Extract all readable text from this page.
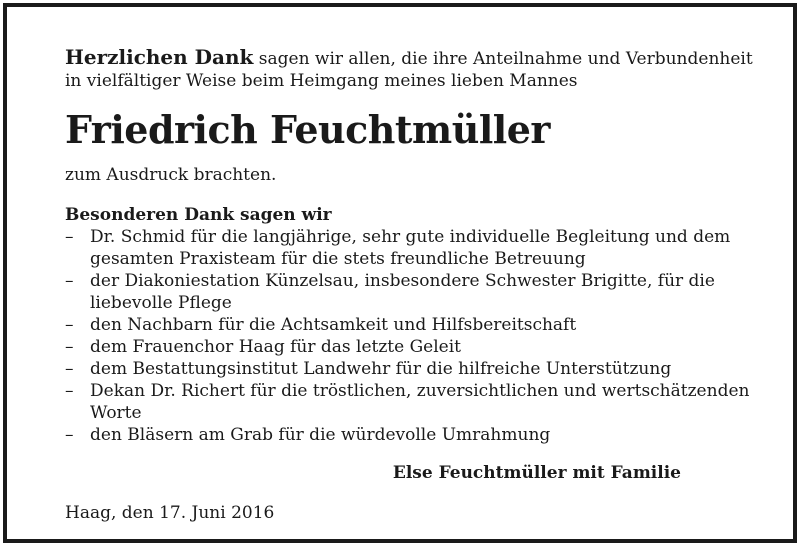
Herzlichen Dank sagen wir allen, die ihre Anteilnahme und Verbundenheit in vielfältiger Weise beim Heimgang meines lieben Mannes

Friedrich Feuchtmüller

zum Ausdruck brachten.

Besonderen Dank sagen wir
– Dr. Schmid für die langjährige, sehr gute individuelle Begleitung und dem gesamten Praxisteam für die stets freundliche Betreuung
– der Diakoniestation Künzelsau, insbesondere Schwester Brigitte, für die liebevolle Pflege
– den Nachbarn für die Achtsamkeit und Hilfsbereitschaft
– dem Frauenchor Haag für das letzte Geleit
– dem Bestattungsinstitut Landwehr für die hilfreiche Unterstützung
– Dekan Dr. Richert für die tröstlichen, zuversichtlichen und wertschätzenden Worte
– den Bläsern am Grab für die würdevolle Umrahmung
Else Feuchtmüller mit Familie
Haag, den 17. Juni 2016
